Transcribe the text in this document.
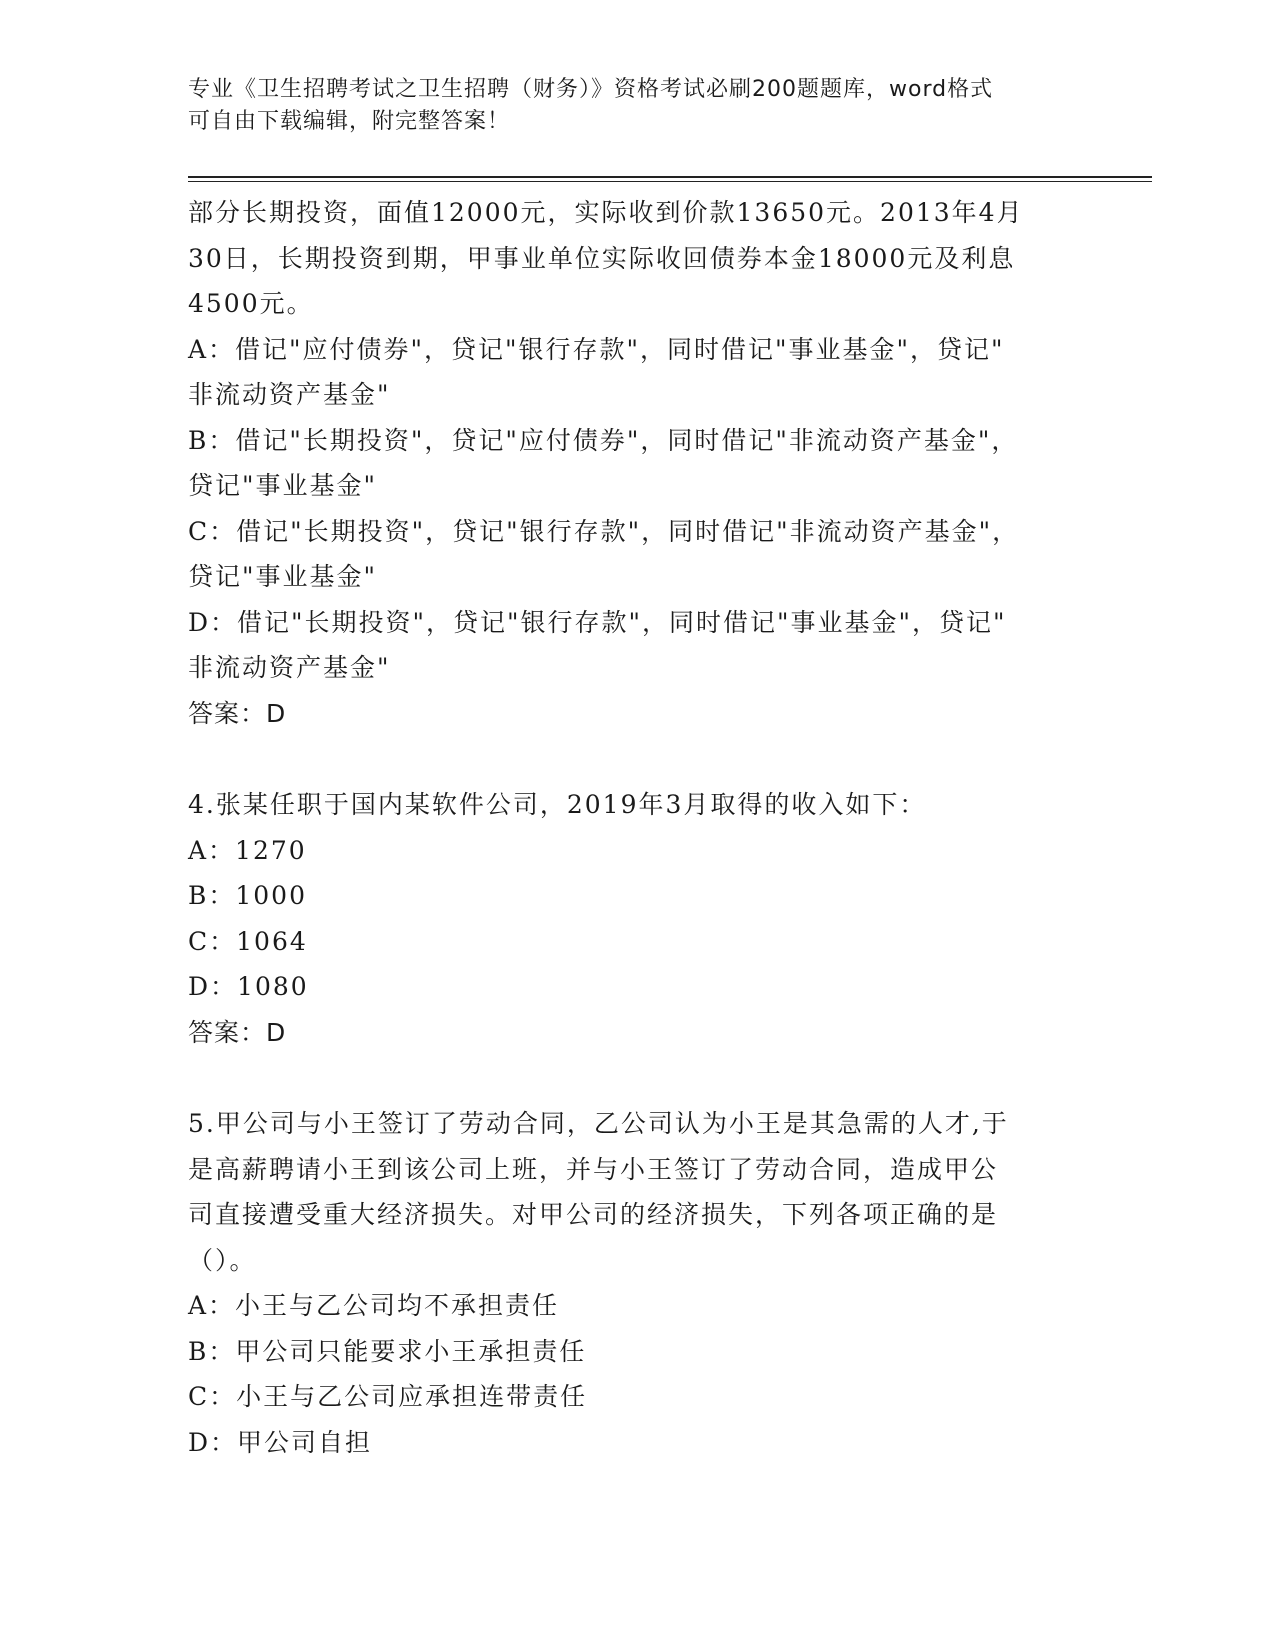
专业《卫生招聘考试之卫生招聘（财务）》资格考试必刷200题题库，word格式
可自由下载编辑，附完整答案！
部分长期投资，面值12000元，实际收到价款13650元。2013年4月
30日，长期投资到期，甲事业单位实际收回债券本金18000元及利息
4500元。
A：借记"应付债券"，贷记"银行存款"，同时借记"事业基金"，贷记"
非流动资产基金"
B：借记"长期投资"，贷记"应付债券"，同时借记"非流动资产基金"，
贷记"事业基金"
C：借记"长期投资"，贷记"银行存款"，同时借记"非流动资产基金"，
贷记"事业基金"
D：借记"长期投资"，贷记"银行存款"，同时借记"事业基金"，贷记"
非流动资产基金"
答案：D
4.张某任职于国内某软件公司，2019年3月取得的收入如下：
A：1270
B：1000
C：1064
D：1080
答案：D
5.甲公司与小王签订了劳动合同，乙公司认为小王是其急需的人才,于
是高薪聘请小王到该公司上班，并与小王签订了劳动合同，造成甲公
司直接遭受重大经济损失。对甲公司的经济损失，下列各项正确的是
（）。
A：小王与乙公司均不承担责任
B：甲公司只能要求小王承担责任
C：小王与乙公司应承担连带责任
D：甲公司自担
